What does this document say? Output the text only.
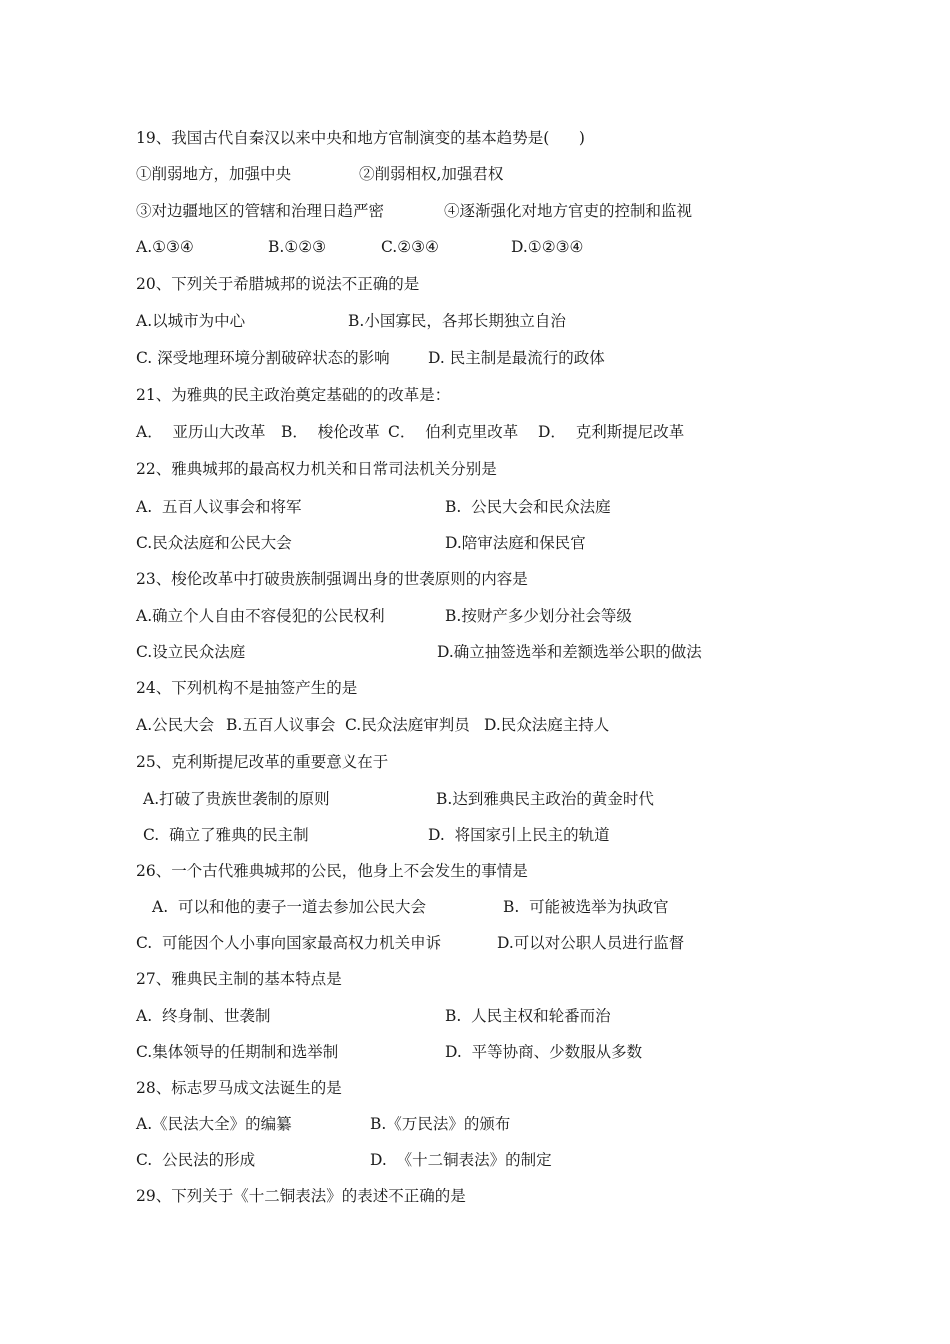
19、我国古代自秦汉以来中央和地方官制演变的基本趋势是(      )
①削弱地方，加强中央	②削弱相权,加强君权
③对边疆地区的管辖和治理日趋严密	④逐渐强化对地方官吏的控制和监视
A.①③④	B.①②③	C.②③④	D.①②③④
20、下列关于希腊城邦的说法不正确的是
A.以城市为中心	B.小国寡民，各邦长期独立自治
C. 深受地理环境分割破碎状态的影响 D. 民主制是最流行的政体
21、为雅典的民主政治奠定基础的的改革是：
A．  亚历山大改革 B．  梭伦改革 C．  伯利克里改革 D．  克利斯提尼改革
22、雅典城邦的最高权力机关和日常司法机关分别是
A.  五百人议事会和将军	B.  公民大会和民众法庭
C.民众法庭和公民大会	D.陪审法庭和保民官
23、梭伦改革中打破贵族制强调出身的世袭原则的内容是
A.确立个人自由不容侵犯的公民权利	B.按财产多少划分社会等级
C.设立民众法庭	D.确立抽签选举和差额选举公职的做法
24、下列机构不是抽签产生的是
A.公民大会 B.五百人议事会 C.民众法庭审判员 D.民众法庭主持人
25、克利斯提尼改革的重要意义在于
A.打破了贵族世袭制的原则	B.达到雅典民主政治的黄金时代
C.  确立了雅典的民主制	D.  将国家引上民主的轨道
26、一个古代雅典城邦的公民，他身上不会发生的事情是
A.  可以和他的妻子一道去参加公民大会	B.  可能被选举为执政官
C.  可能因个人小事向国家最高权力机关申诉	D.可以对公职人员进行监督
27、雅典民主制的基本特点是
A.  终身制、世袭制	B.  人民主权和轮番而治
C.集体领导的任期制和选举制	D.  平等协商、少数服从多数
28、标志罗马成文法诞生的是
A.《民法大全》的编纂	B.《万民法》的颁布
C.  公民法的形成	D.  《十二铜表法》的制定
29、下列关于《十二铜表法》的表述不正确的是
